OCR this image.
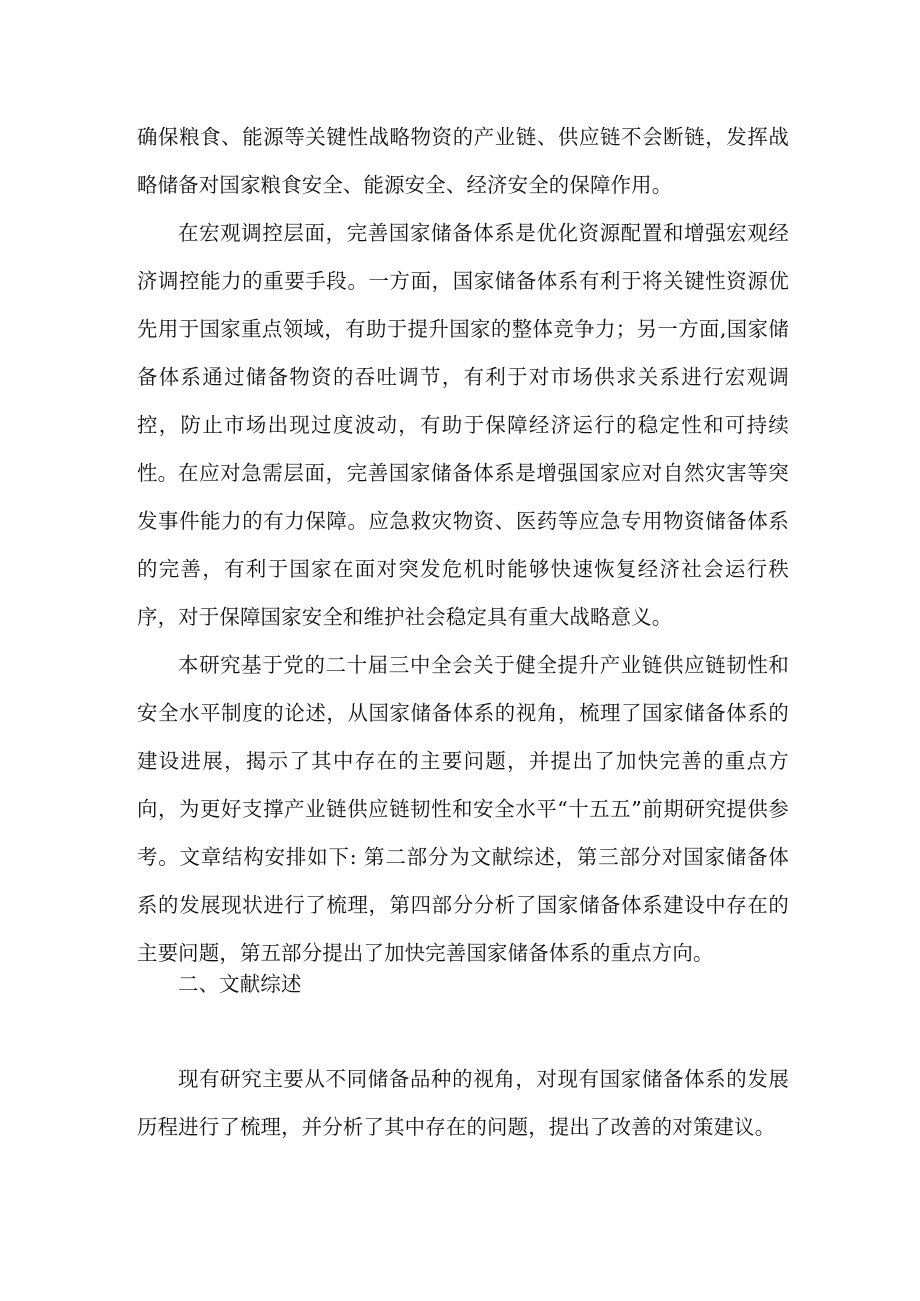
确保粮食、能源等关键性战略物资的产业链、供应链不会断链，发挥战略储备对国家粮食安全、能源安全、经济安全的保障作用。

在宏观调控层面，完善国家储备体系是优化资源配置和增强宏观经济调控能力的重要手段。一方面，国家储备体系有利于将关键性资源优先用于国家重点领域，有助于提升国家的整体竞争力；另一方面,国家储备体系通过储备物资的吞吐调节，有利于对市场供求关系进行宏观调控，防止市场出现过度波动，有助于保障经济运行的稳定性和可持续性。 在应对急需层面，完善国家储备体系是增强国家应对自然灾害等突发事件能力的有力保障。应急救灾物资、医药等应急专用物资储备体系的完善，有利于国家在面对突发危机时能够快速恢复经济社会运行秩序，对于保障国家安全和维护社会稳定具有重大战略意义。

本研究基于党的二十届三中全会关于健全提升产业链供应链韧性和安全水平制度的论述，从国家储备体系的视角，梳理了国家储备体系的建设进展，揭示了其中存在的主要问题，并提出了加快完善的重点方向，为更好支撑产业链供应链韧性和安全水平“十五五”前期研究提供参考。文章结构安排如下: 第二部分为文献综述，第三部分对国家储备体系的发展现状进行了梳理，第四部分分析了国家储备体系建设中存在的主要问题，第五部分提出了加快完善国家储备体系的重点方向。

二、文献综述

现有研究主要从不同储备品种的视角，对现有国家储备体系的发展历程进行了梳理，并分析了其中存在的问题，提出了改善的对策建议。
